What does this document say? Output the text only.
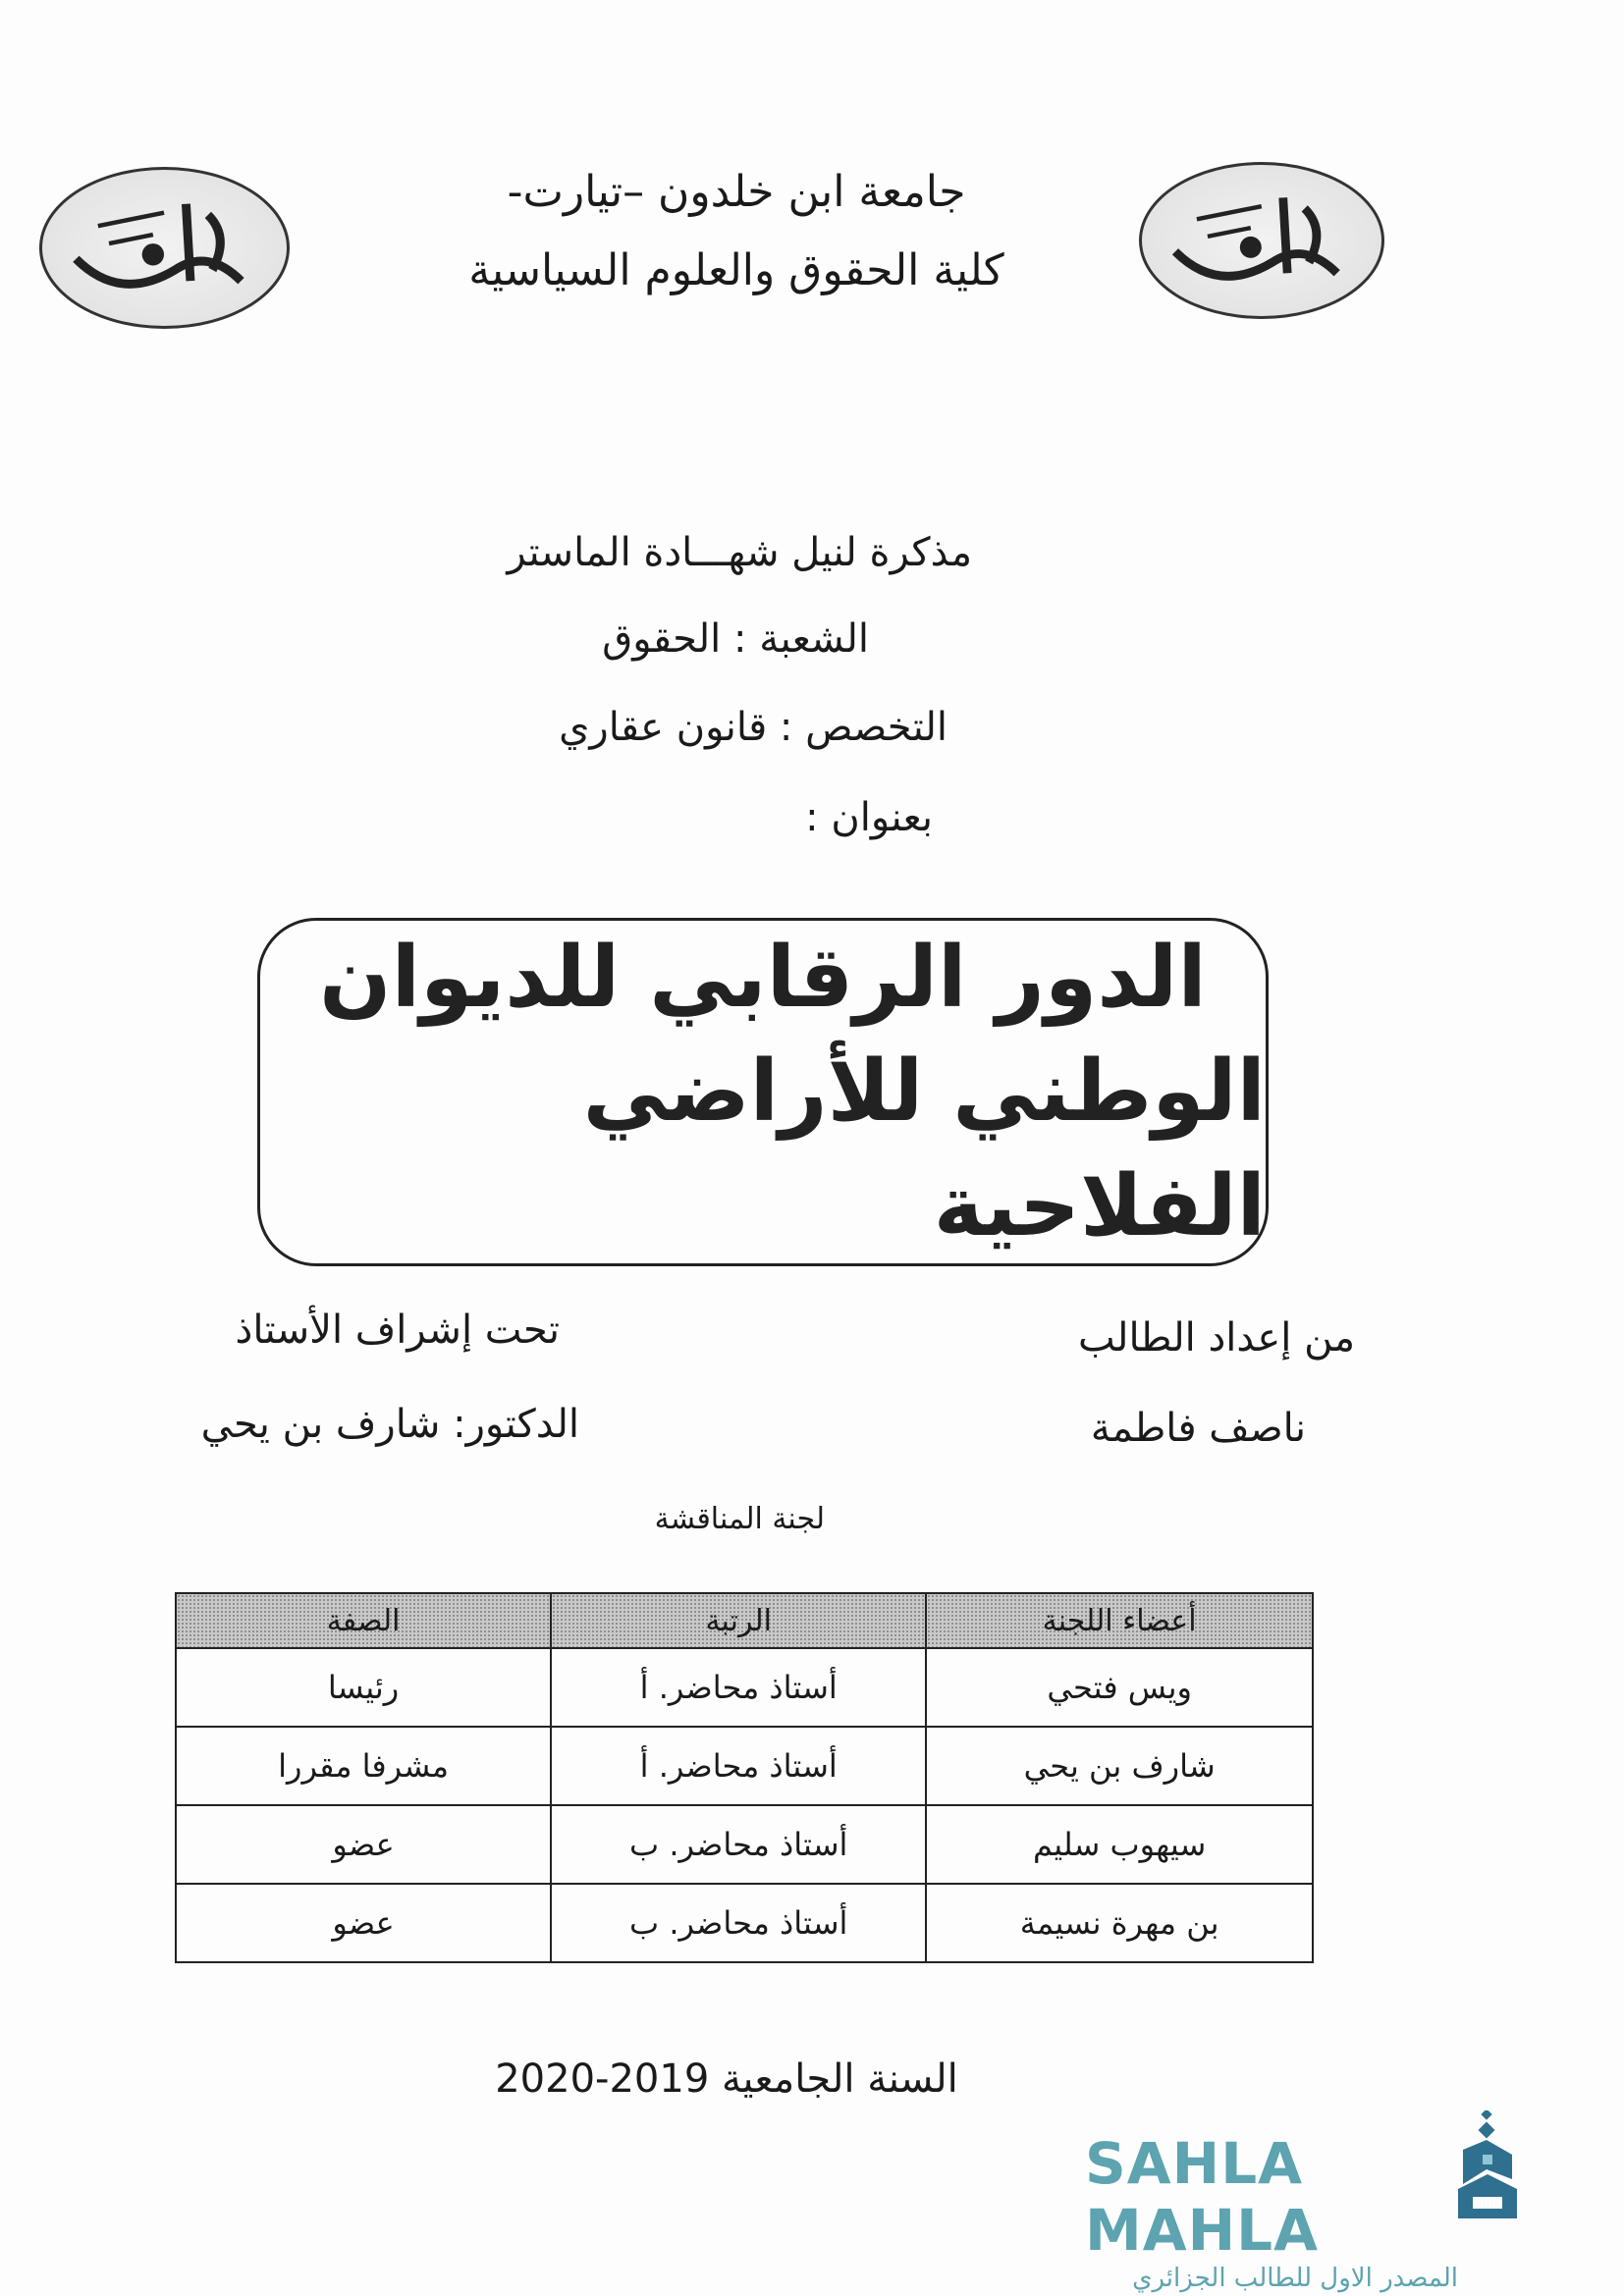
جامعة ابن خلدون –تيارت-
كلية الحقوق والعلوم السياسية
مذكرة لنيل شهـــادة الماستر
الشعبة : الحقوق
التخصص : قانون عقاري
بعنوان :
الدور الرقابي للديوان
الوطني للأراضي الفلاحية
من إعداد الطالب
ناصف فاطمة
تحت إشراف الأستاذ
الدكتور: شارف بن يحي
لجنة المناقشة
أعضاء اللجنة	الرتبة	الصفة
ويس فتحي	أستاذ محاضر. أ	رئيسا
شارف بن يحي	أستاذ محاضر. أ	مشرفا مقررا
سيهوب سليم	أستاذ محاضر. ب	عضو
بن مهرة نسيمة	أستاذ محاضر. ب	عضو
السنة الجامعية 2019-2020
SAHLA MAHLA
المصدر الاول للطالب الجزائري
